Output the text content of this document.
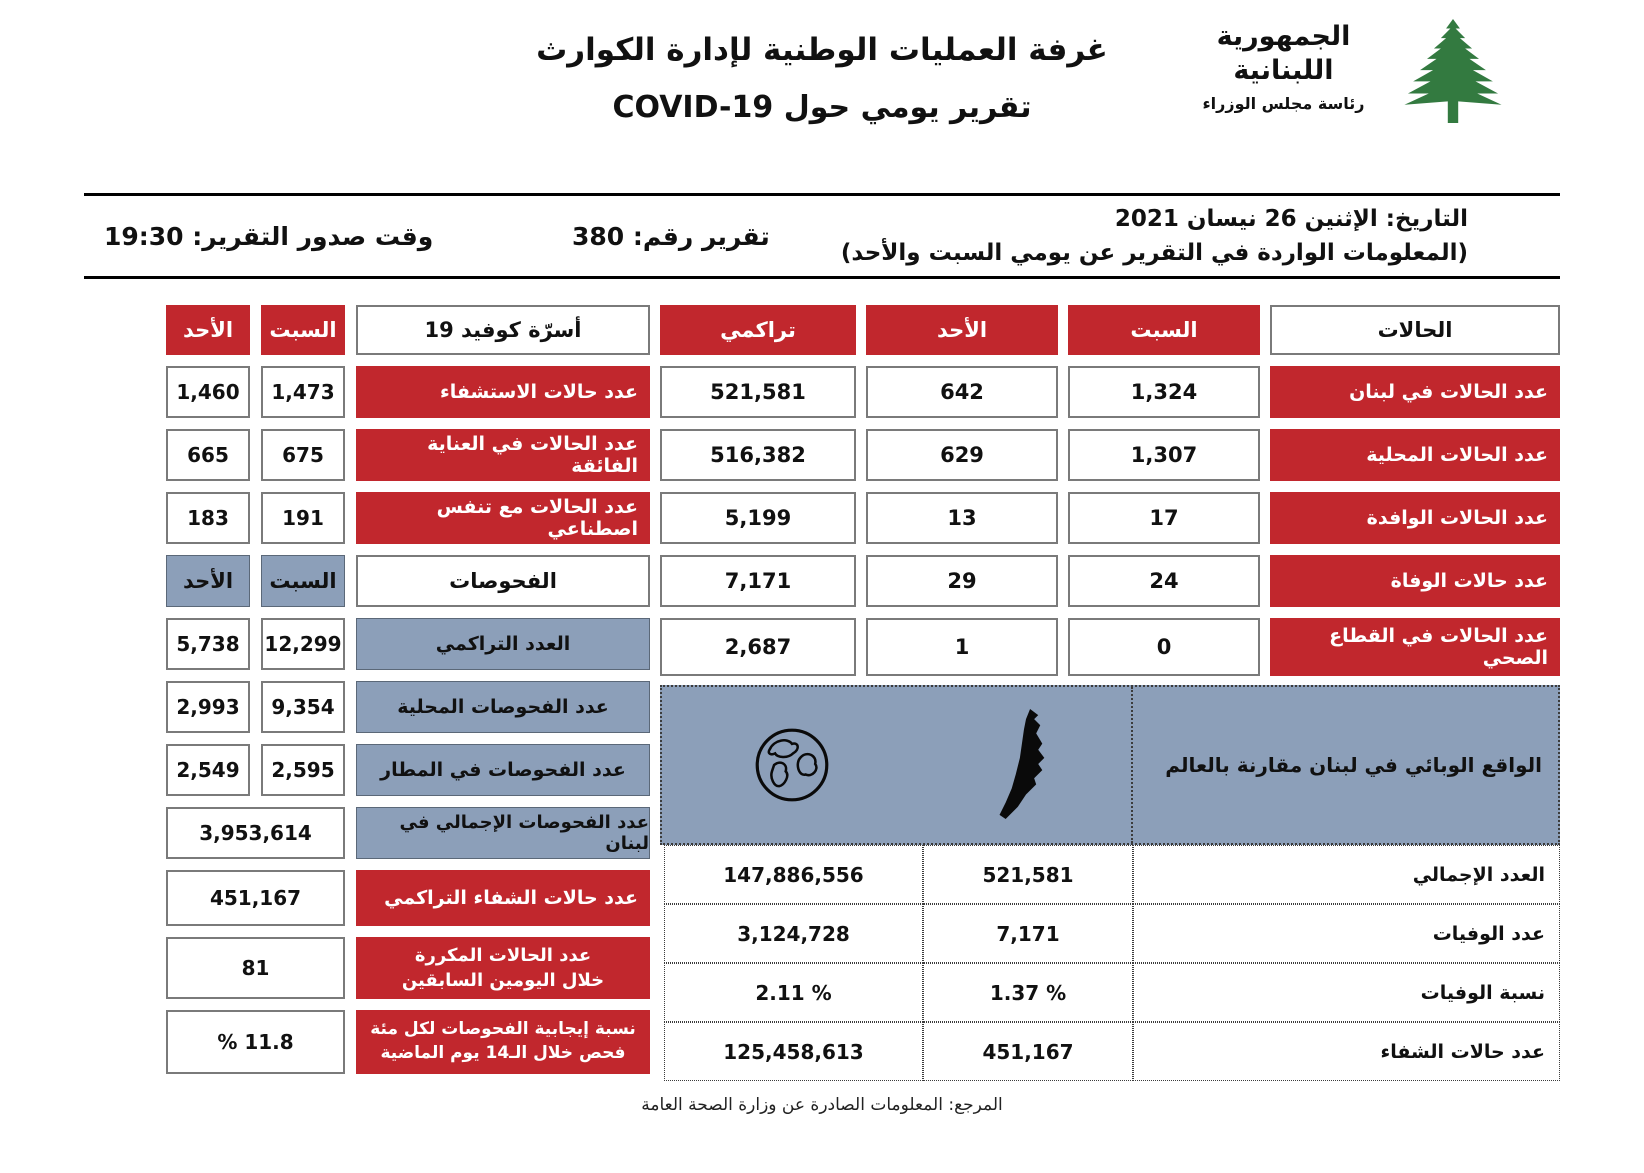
غرفة العمليات الوطنية لإدارة الكوارث
تقرير يومي حول COVID-19
الجمهورية اللبنانية
رئاسة مجلس الوزراء
التاريخ: الإثنين 26 نيسان 2021
(المعلومات الواردة في التقرير عن يومي السبت والأحد)
تقرير رقم: 380
وقت صدور التقرير: 19:30
الحالات
السبت
الأحد
تراكمي
عدد الحالات في لبنان
1,324
642
521,581
عدد الحالات المحلية
1,307
629
516,382
عدد الحالات الوافدة
17
13
5,199
عدد حالات الوفاة
24
29
7,171
عدد الحالات في القطاع الصحي
0
1
2,687
الواقع الوبائي في لبنان مقارنة بالعالم
العدد الإجمالي
521,581
147,886,556
عدد الوفيات
7,171
3,124,728
نسبة الوفيات
1.37 %
2.11 %
عدد حالات الشفاء
451,167
125,458,613
أسرّة كوفيد 19
السبت
الأحد
عدد حالات الاستشفاء
1,473
1,460
عدد الحالات في العناية الفائقة
675
665
عدد الحالات مع تنفس اصطناعي
191
183
الفحوصات
السبت
الأحد
العدد التراكمي
12,299
5,738
عدد الفحوصات المحلية
9,354
2,993
عدد الفحوصات في المطار
2,595
2,549
عدد الفحوصات الإجمالي في لبنان
3,953,614
عدد حالات الشفاء التراكمي
451,167
عدد الحالات المكررة
خلال اليومين السابقين
81
نسبة إيجابية الفحوصات لكل مئة
فحص خلال الـ14 يوم الماضية
% 11.8
المرجع: المعلومات الصادرة عن وزارة الصحة العامة
